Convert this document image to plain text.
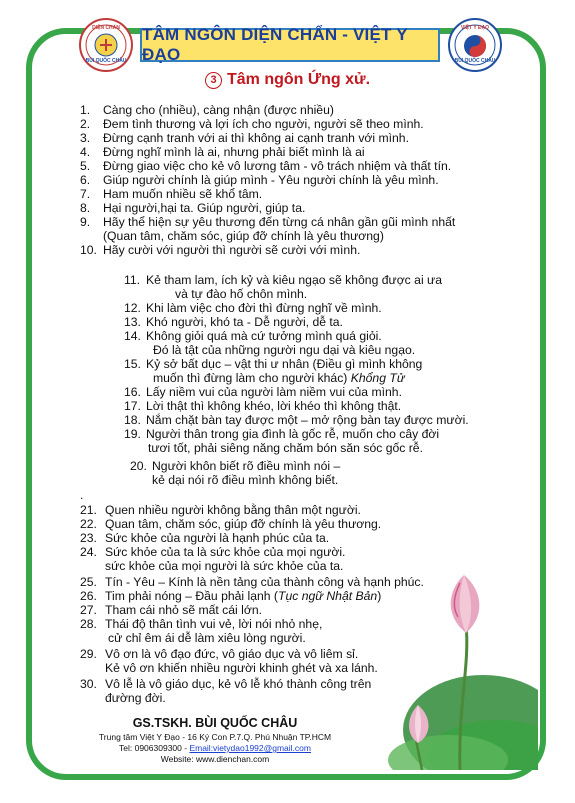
DIỆN CHẨN
BÙI QUỐC CHÂU
TÂM NGÔN DIỆN CHẨN - VIỆT Y ĐẠO
VIỆT Y ĐẠO
BÙI QUỐC CHÂU
3 Tâm ngôn Ứng xử.
1. Càng cho (nhiều), càng nhận (được nhiều)
2. Đem tình thương và lợi ích cho người, người sẽ theo mình.
3. Đừng cạnh tranh với ai thì không ai cạnh tranh với mình.
4. Đừng nghĩ mình là ai, nhưng phải biết mình là ai
5. Đừng giao việc cho kẻ vô lương tâm - vô trách nhiệm và thất tín.
6. Giúp người chính là giúp mình - Yêu người chính là yêu mình.
7. Ham muốn nhiều sẽ khổ tâm.
8. Hại người,hại ta. Giúp người, giúp ta.
9. Hãy thể hiện sự yêu thương đến từng cá nhân gần gũi mình nhất
(Quan tâm, chăm sóc, giúp đỡ chính là yêu thương)
10. Hãy cười với người thì người sẽ cười với mình.
11. Kẻ tham lam, ích kỷ và kiêu ngạo sẽ không được ai ưa
và tự đào hố chôn mình.
12. Khi làm việc cho đời thì đừng nghĩ về mình.
13. Khó người, khó ta - Dễ người, dễ ta.
14. Không giỏi quá mà cứ tưởng mình quá giỏi.
Đó là tật của những người ngu dại và kiêu ngạo.
15. Kỷ sở bất dục – vật thi ư nhân (Điều gì mình không
muốn thì đừng làm cho người khác) Khổng Tử
16. Lấy niềm vui của người làm niềm vui của mình.
17. Lời thật thì không khéo, lời khéo thì không thật.
18. Nắm chặt bàn tay được một – mở rộng bàn tay được mười.
19. Người thân trong gia đình là gốc rễ, muốn cho cây đời
tươi tốt, phải siêng năng chăm bón săn sóc gốc rễ.
20. Người khôn biết rõ điều mình nói –
kẻ dại nói rõ điều mình không biết.
.
21. Quen nhiều người không bằng thân một người.
22. Quan tâm, chăm sóc, giúp đỡ chính là yêu thương.
23. Sức khỏe của người là hạnh phúc của ta.
24. Sức khỏe của ta là sức khỏe của mọi người.
sức khỏe của mọi người là sức khỏe của ta.
25. Tín - Yêu – Kính là nền tảng của thành công và hạnh phúc.
26. Tim phải nóng – Đầu phải lạnh (Tục ngữ Nhật Bản)
27. Tham cái nhỏ sẽ mất cái lớn.
28. Thái độ thân tình vui vẻ, lời nói nhỏ nhẹ,
cử chỉ êm ái dễ làm xiêu lòng người.
29. Vô ơn là vô đạo đức, vô giáo dục và vô liêm sỉ.
Kẻ vô ơn khiến nhiều người khinh ghét và xa lánh.
30. Vô lễ là vô giáo dục, kẻ vô lễ khó thành công trên
đường đời.
GS.TSKH. BÙI QUỐC CHÂU
Trung tâm Việt Y Đạo - 16 Ký Con P.7.Q. Phú Nhuận TP.HCM
Tel: 0906309300 - Email:vietydao1992@gmail.com
Website: www.dienchan.com
